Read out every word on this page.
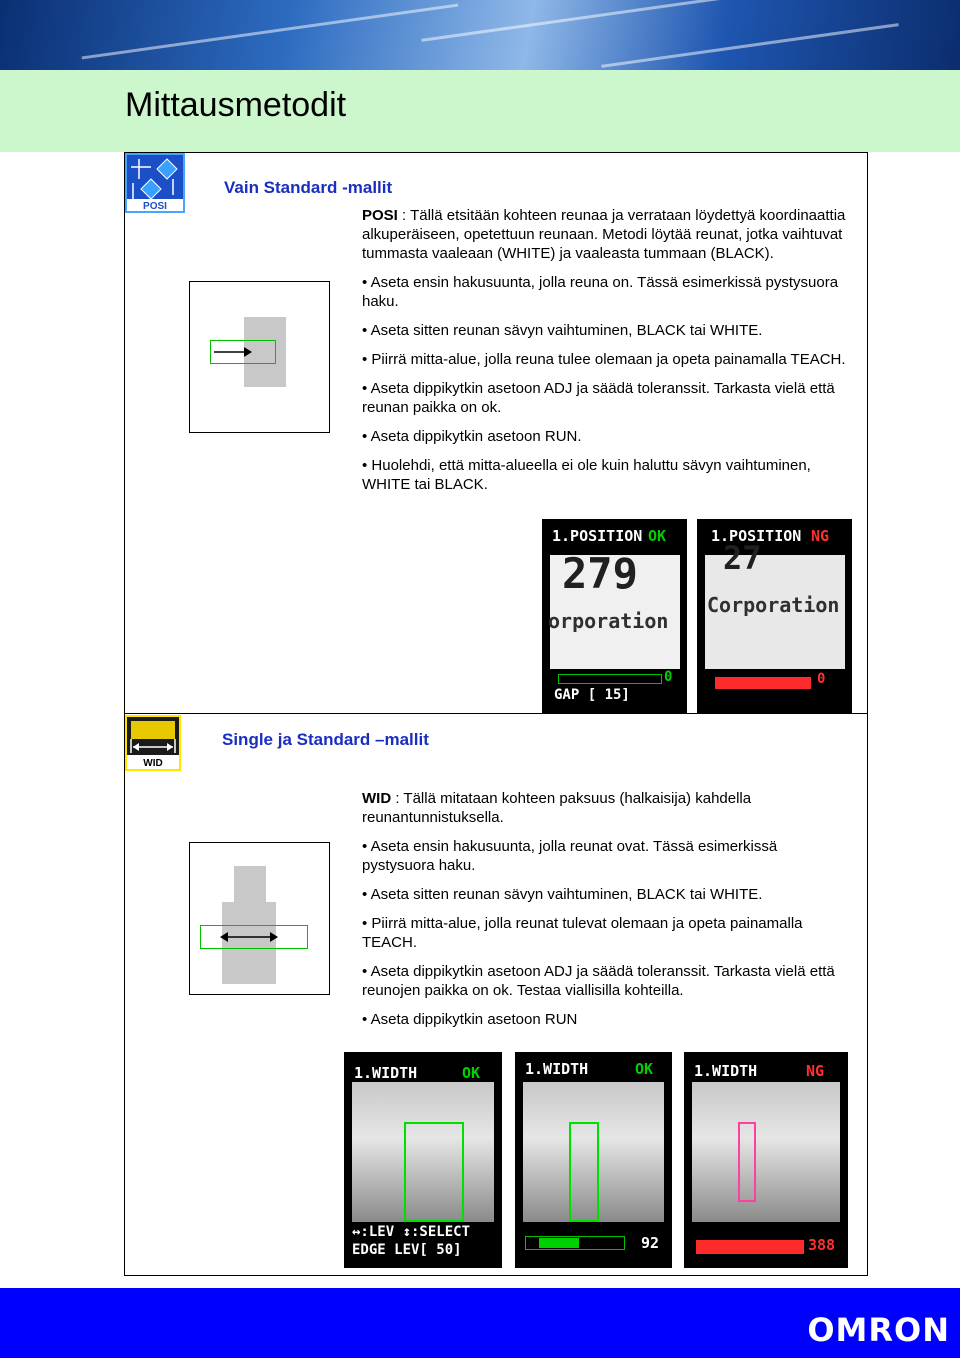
Mittausmetodit
POSI
Vain Standard -mallit

POSI : Tällä etsitään kohteen reunaa ja verrataan löydettyä koordinaattia alkuperäiseen, opetettuun reunaan. Metodi löytää reunat, jotka vaihtuvat tummasta vaaleaan (WHITE) ja vaaleasta tummaan (BLACK).

• Aseta ensin hakusuunta, jolla reuna on. Tässä esimerkissä pystysuora haku.

• Aseta sitten reunan sävyn vaihtuminen, BLACK tai WHITE.

• Piirrä mitta-alue, jolla reuna tulee olemaan ja opeta painamalla TEACH.

• Aseta dippikytkin asetoon ADJ ja säädä toleranssit. Tarkasta vielä että reunan paikka on ok.

• Aseta dippikytkin asetoon RUN.

• Huolehdi, että mitta-alueella ei ole kuin haluttu sävyn vaihtuminen, WHITE tai BLACK.

1.POSITION OK
279
orporation
0
GAP [ 15]
1.POSITION NG
27
Corporation
0
WID
Single ja Standard –mallit

WID : Tällä mitataan kohteen paksuus (halkaisija) kahdella reunantunnistuksella.

• Aseta ensin hakusuunta, jolla reunat ovat. Tässä esimerkissä pystysuora haku.

• Aseta sitten reunan sävyn vaihtuminen, BLACK tai WHITE.

• Piirrä mitta-alue, jolla reunat tulevat olemaan ja opeta painamalla TEACH.

• Aseta dippikytkin asetoon ADJ ja säädä toleranssit. Tarkasta vielä että reunojen paikka on ok. Testaa viallisilla kohteilla.

• Aseta dippikytkin asetoon RUN

1.WIDTH	OK
↔:LEV ↕:SELECT
EDGE LEV[ 50]
1.WIDTH	OK
92
1.WIDTH	NG
388
OMRON
